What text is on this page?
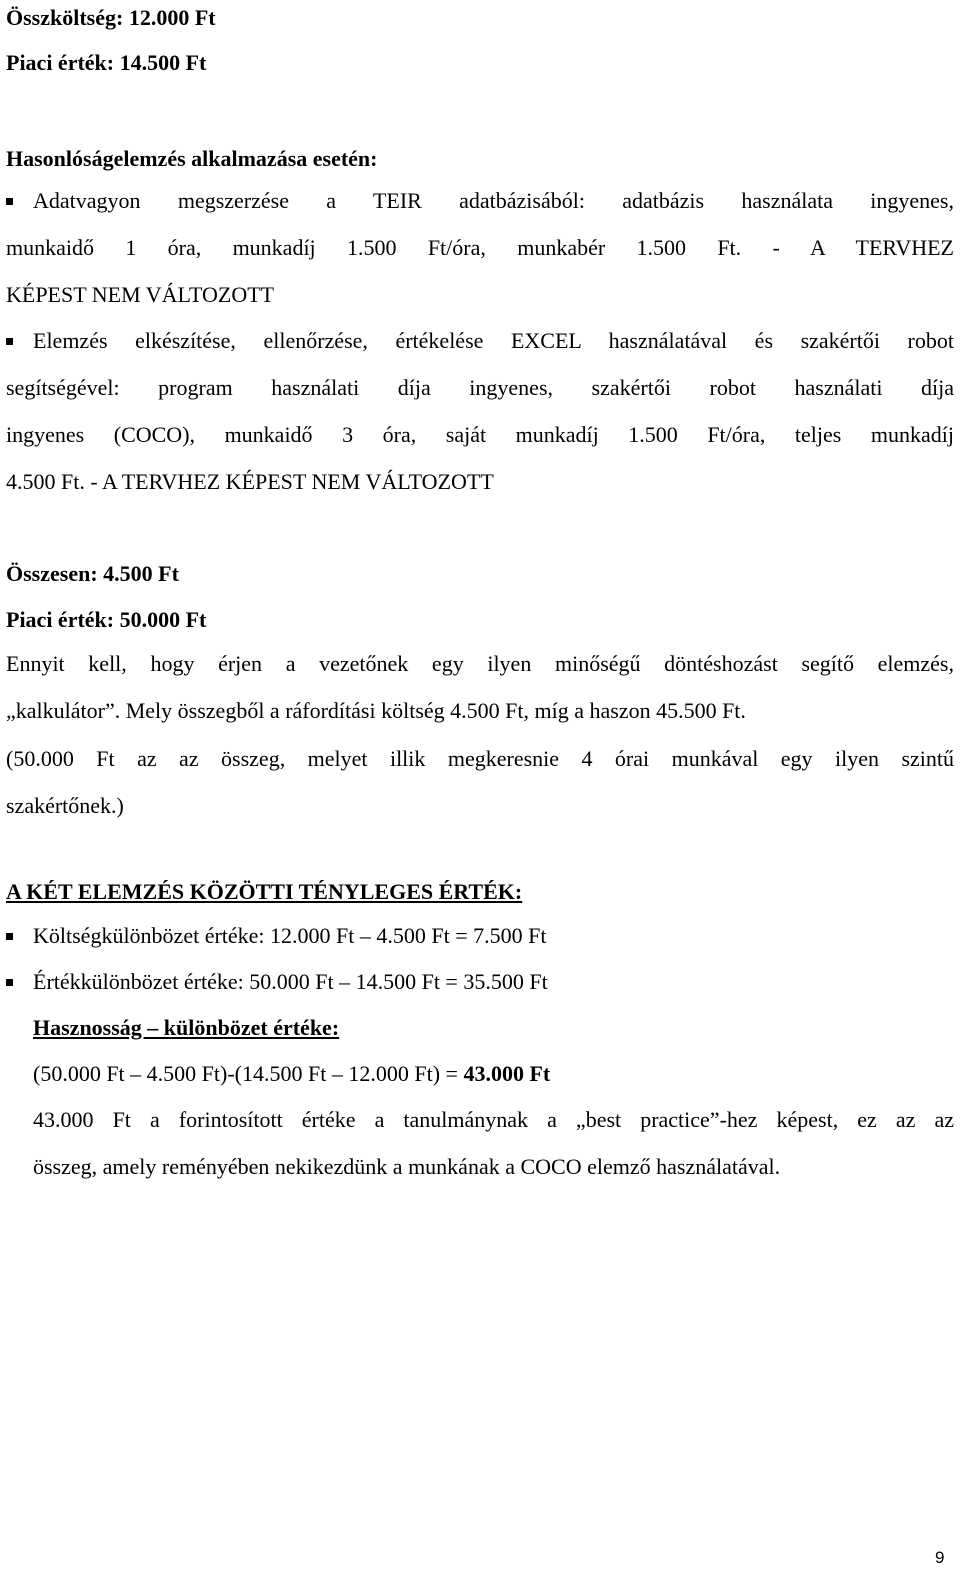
Összköltség: 12.000 Ft
Piaci érték: 14.500 Ft
Hasonlóságelemzés alkalmazása esetén:
Adatvagyon megszerzése a TEIR adatbázisából: adatbázis használata ingyenes,
munkaidő 1 óra, munkadíj 1.500 Ft/óra, munkabér 1.500 Ft. - A TERVHEZ
KÉPEST NEM VÁLTOZOTT
Elemzés elkészítése, ellenőrzése, értékelése EXCEL használatával és szakértői robot
segítségével: program használati díja ingyenes, szakértői robot használati díja
ingyenes (COCO), munkaidő 3 óra, saját munkadíj 1.500 Ft/óra, teljes munkadíj
4.500 Ft. - A TERVHEZ KÉPEST NEM VÁLTOZOTT
Összesen: 4.500 Ft
Piaci érték: 50.000 Ft
Ennyit kell, hogy érjen a vezetőnek egy ilyen minőségű döntéshozást segítő elemzés,
„kalkulátor”. Mely összegből a ráfordítási költség 4.500 Ft, míg a haszon 45.500 Ft.
(50.000 Ft az az összeg, melyet illik megkeresnie 4 órai munkával egy ilyen szintű
szakértőnek.)
A KÉT ELEMZÉS KÖZÖTTI TÉNYLEGES ÉRTÉK:
Költségkülönbözet értéke: 12.000 Ft – 4.500 Ft = 7.500 Ft
Értékkülönbözet értéke: 50.000 Ft – 14.500 Ft = 35.500 Ft
Hasznosság – különbözet értéke:
(50.000 Ft – 4.500 Ft)-(14.500 Ft – 12.000 Ft) = 43.000 Ft
43.000 Ft a forintosított értéke a tanulmánynak a „best practice”-hez képest, ez az az
összeg, amely reményében nekikezdünk a munkának a COCO elemző használatával.
9
